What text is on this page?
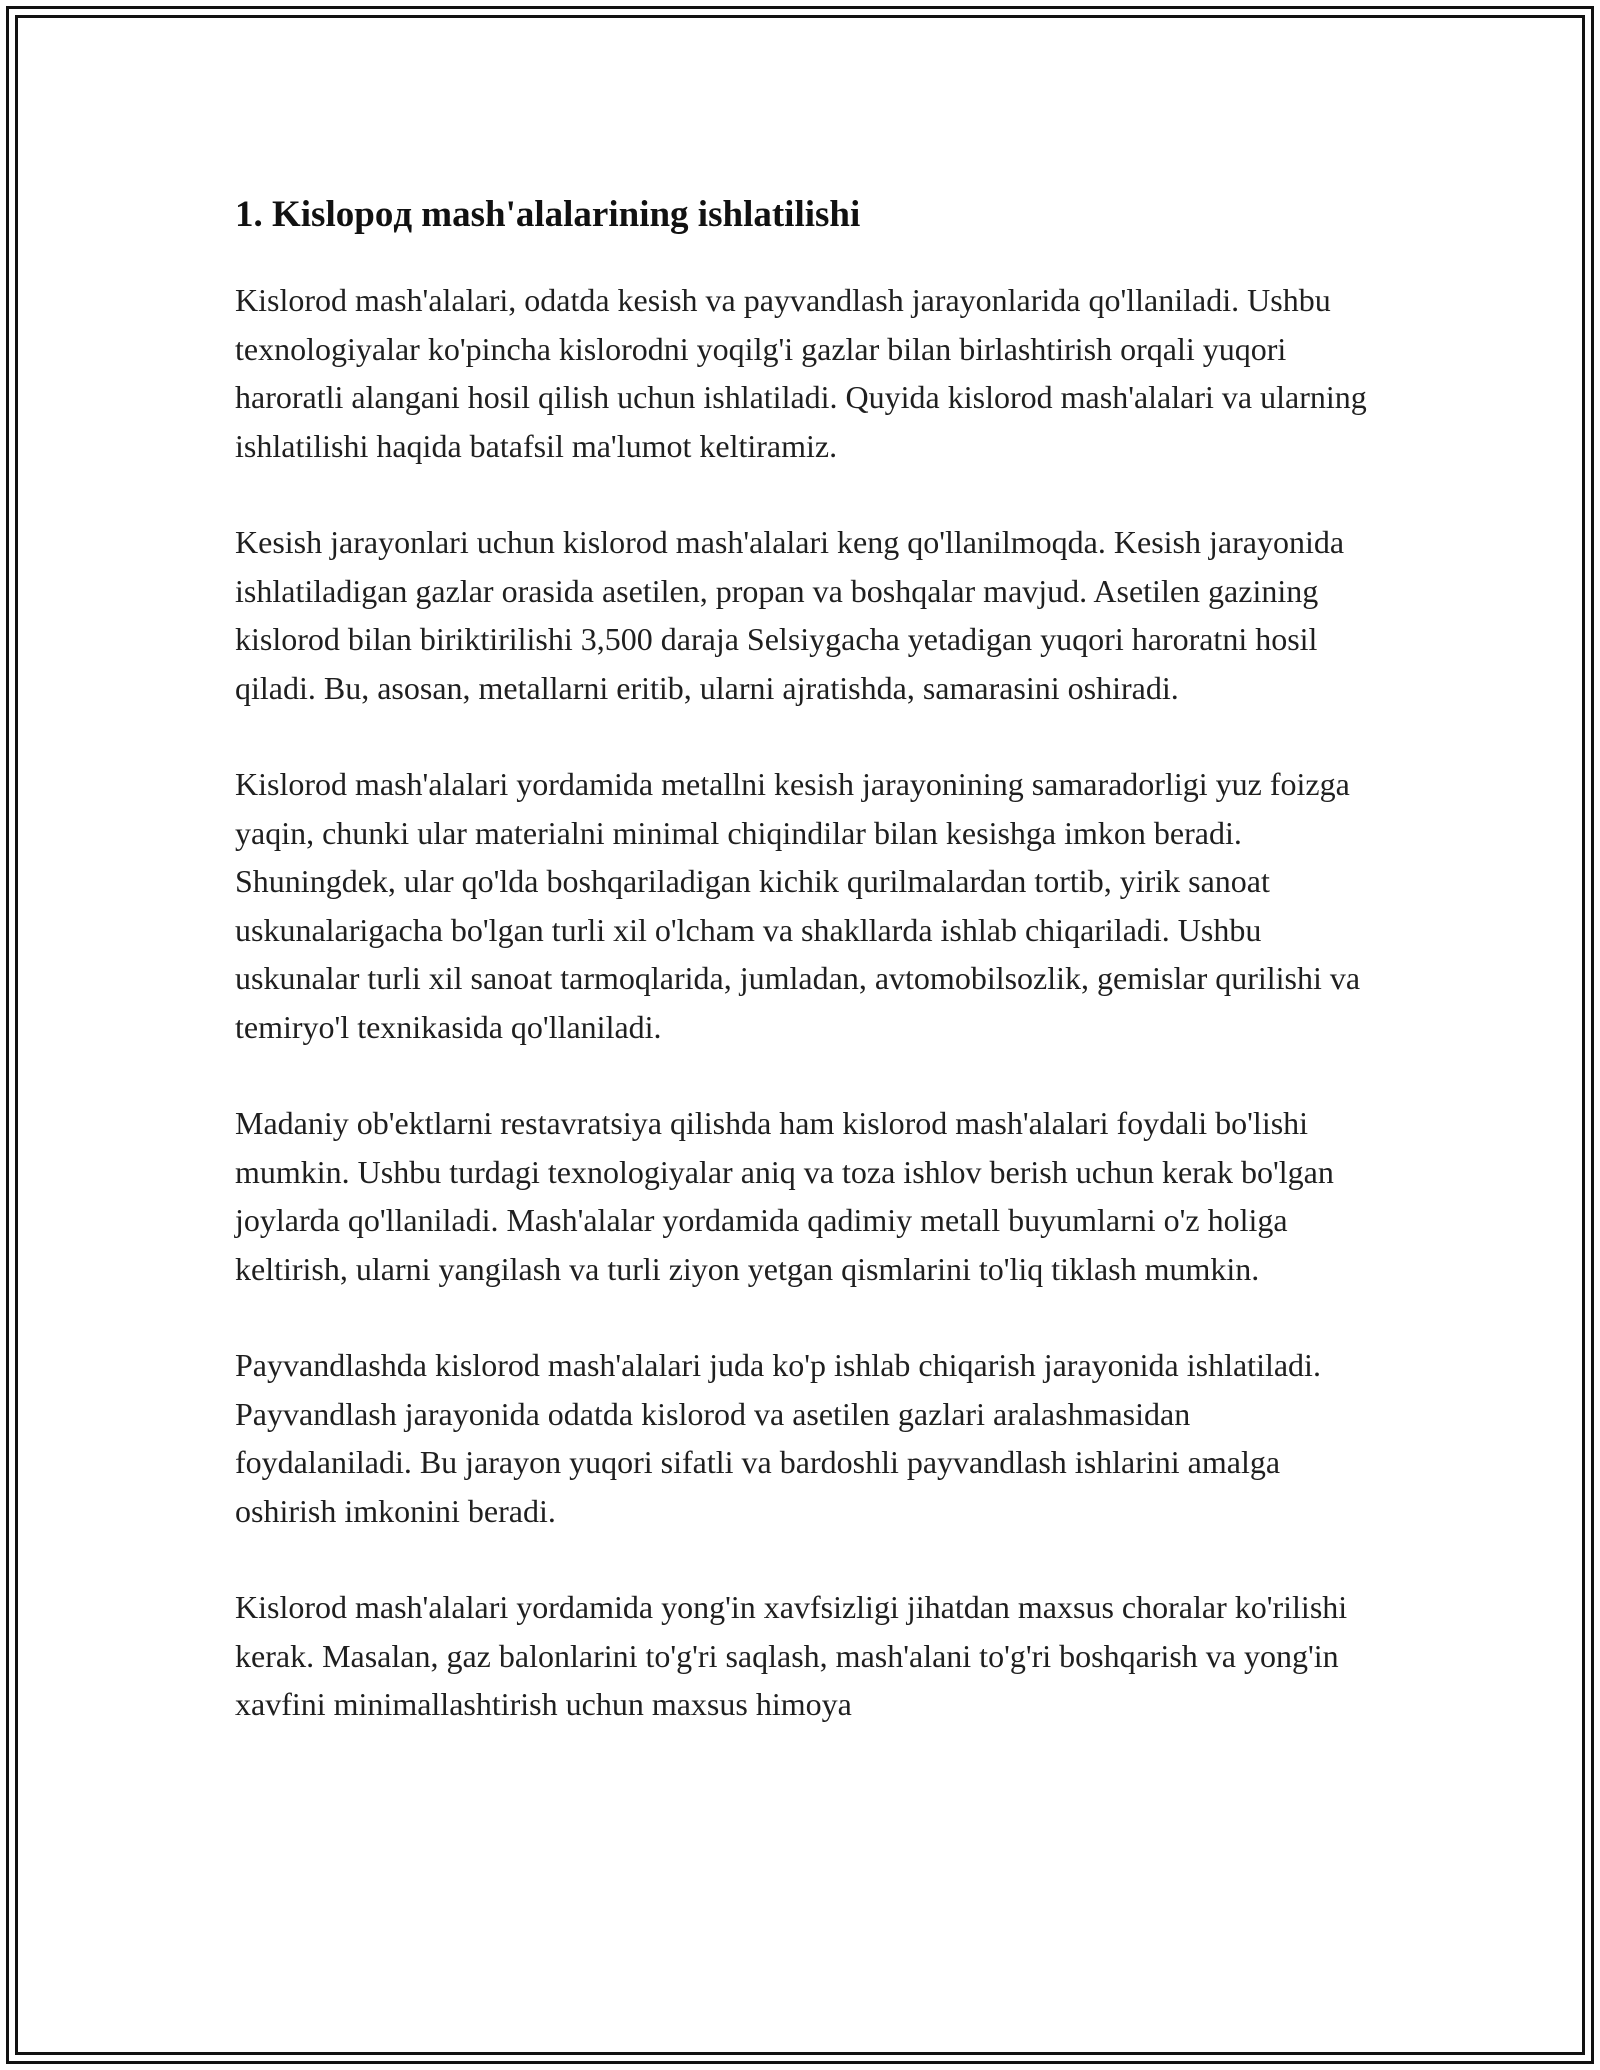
1. Kislopoд mash'alalarining ishlatilishi

Kislorod mash'alalari, odatda kesish va payvandlash jarayonlarida qo'llaniladi. Ushbu texnologiyalar ko'pincha kislorodni yoqilg'i gazlar bilan birlashtirish orqali yuqori haroratli alangani hosil qilish uchun ishlatiladi. Quyida kislorod mash'alalari va ularning ishlatilishi haqida batafsil ma'lumot keltiramiz.

Kesish jarayonlari uchun kislorod mash'alalari keng qo'llanilmoqda. Kesish jarayonida ishlatiladigan gazlar orasida asetilen, propan va boshqalar mavjud. Asetilen gazining kislorod bilan biriktirilishi 3,500 daraja Selsiygacha yetadigan yuqori haroratni hosil qiladi. Bu, asosan, metallarni eritib, ularni ajratishda, samarasini oshiradi.

Kislorod mash'alalari yordamida metallni kesish jarayonining samaradorligi yuz foizga yaqin, chunki ular materialni minimal chiqindilar bilan kesishga imkon beradi. Shuningdek, ular qo'lda boshqariladigan kichik qurilmalardan tortib, yirik sanoat uskunalarigacha bo'lgan turli xil o'lcham va shakllarda ishlab chiqariladi. Ushbu uskunalar turli xil sanoat tarmoqlarida, jumladan, avtomobilsozlik, gemislar qurilishi va temiryo'l texnikasida qo'llaniladi.

Madaniy ob'ektlarni restavratsiya qilishda ham kislorod mash'alalari foydali bo'lishi mumkin. Ushbu turdagi texnologiyalar aniq va toza ishlov berish uchun kerak bo'lgan joylarda qo'llaniladi. Mash'alalar yordamida qadimiy metall buyumlarni o'z holiga keltirish, ularni yangilash va turli ziyon yetgan qismlarini to'liq tiklash mumkin.

Payvandlashda kislorod mash'alalari juda ko'p ishlab chiqarish jarayonida ishlatiladi. Payvandlash jarayonida odatda kislorod va asetilen gazlari aralashmasidan foydalaniladi. Bu jarayon yuqori sifatli va bardoshli payvandlash ishlarini amalga oshirish imkonini beradi.

Kislorod mash'alalari yordamida yong'in xavfsizligi jihatdan maxsus choralar ko'rilishi kerak. Masalan, gaz balonlarini to'g'ri saqlash, mash'alani to'g'ri boshqarish va yong'in xavfini minimallashtirish uchun maxsus himoya
